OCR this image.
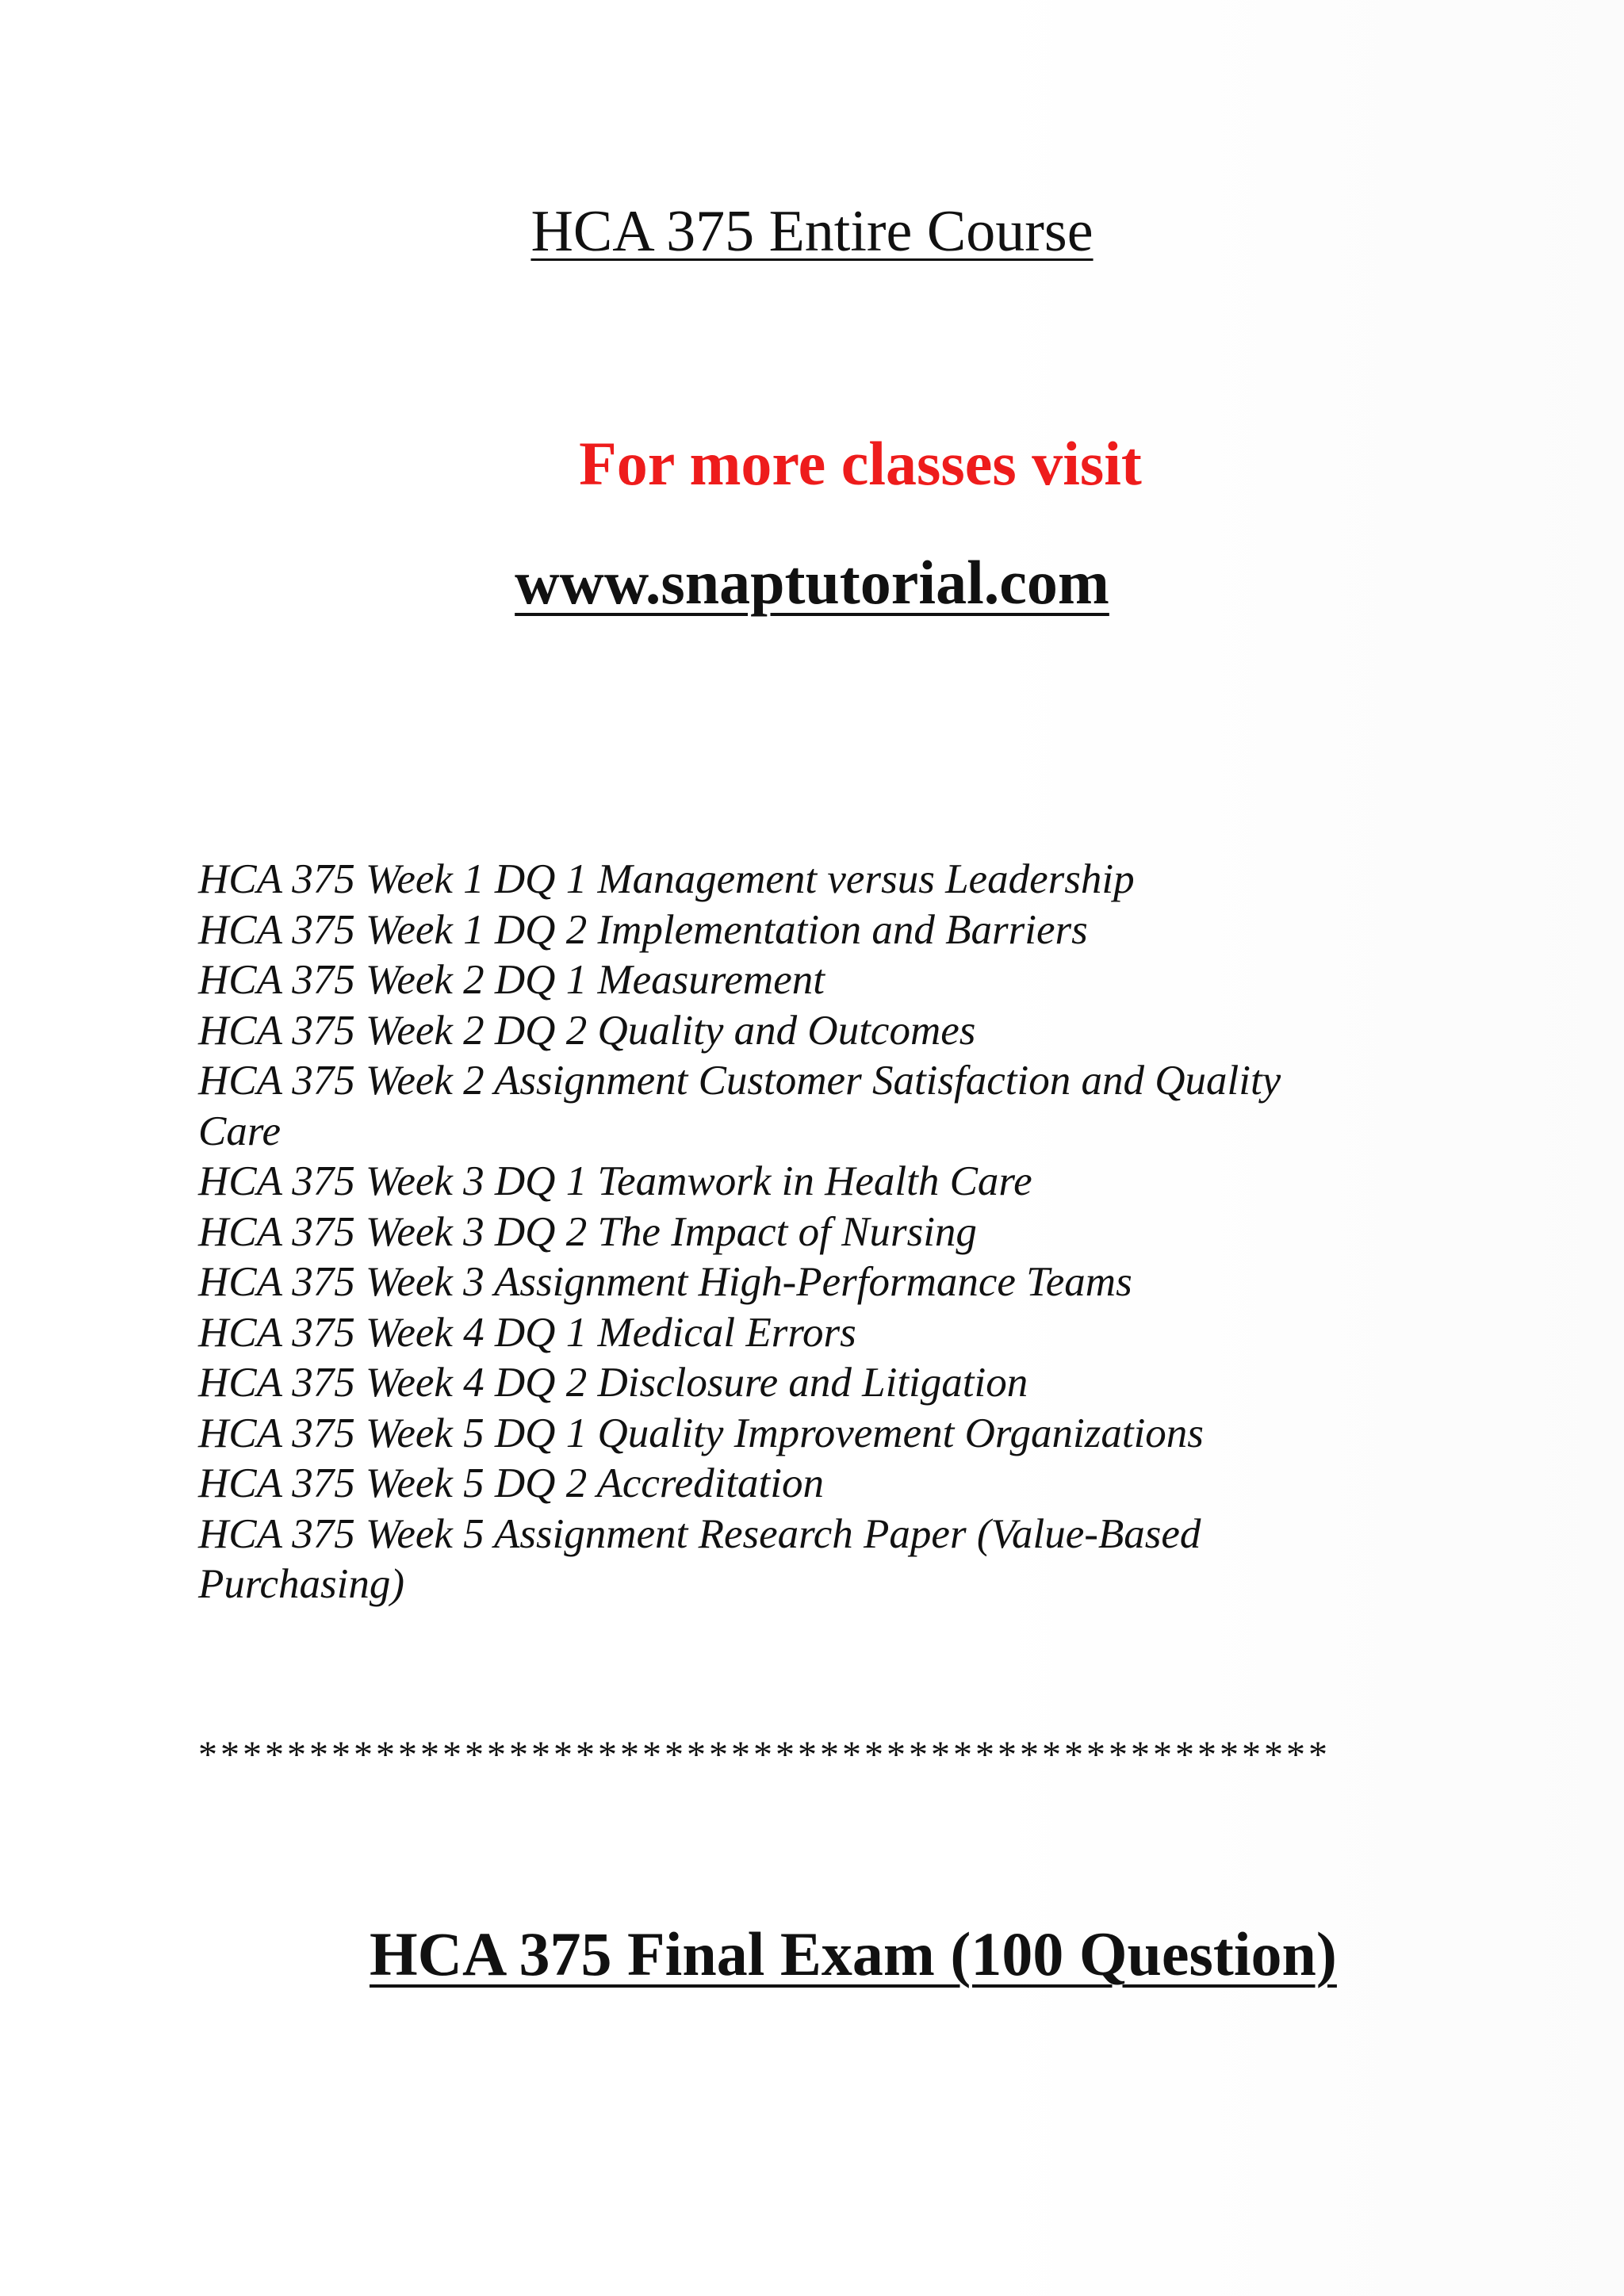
HCA 375 Entire Course
For more classes visit
www.snaptutorial.com
HCA 375 Week 1 DQ 1 Management versus Leadership
HCA 375 Week 1 DQ 2 Implementation and Barriers
HCA 375 Week 2 DQ 1 Measurement
HCA 375 Week 2 DQ 2 Quality and Outcomes
HCA 375 Week 2 Assignment Customer Satisfaction and Quality Care
HCA 375 Week 3 DQ 1 Teamwork in Health Care
HCA 375 Week 3 DQ 2 The Impact of Nursing
HCA 375 Week 3 Assignment High-Performance Teams
HCA 375 Week 4 DQ 1 Medical Errors
HCA 375 Week 4 DQ 2 Disclosure and Litigation
HCA 375 Week 5 DQ 1 Quality Improvement Organizations
HCA 375 Week 5 DQ 2 Accreditation
HCA 375 Week 5 Assignment Research Paper (Value-Based Purchasing)
***************************************************
HCA 375 Final Exam (100 Question)
